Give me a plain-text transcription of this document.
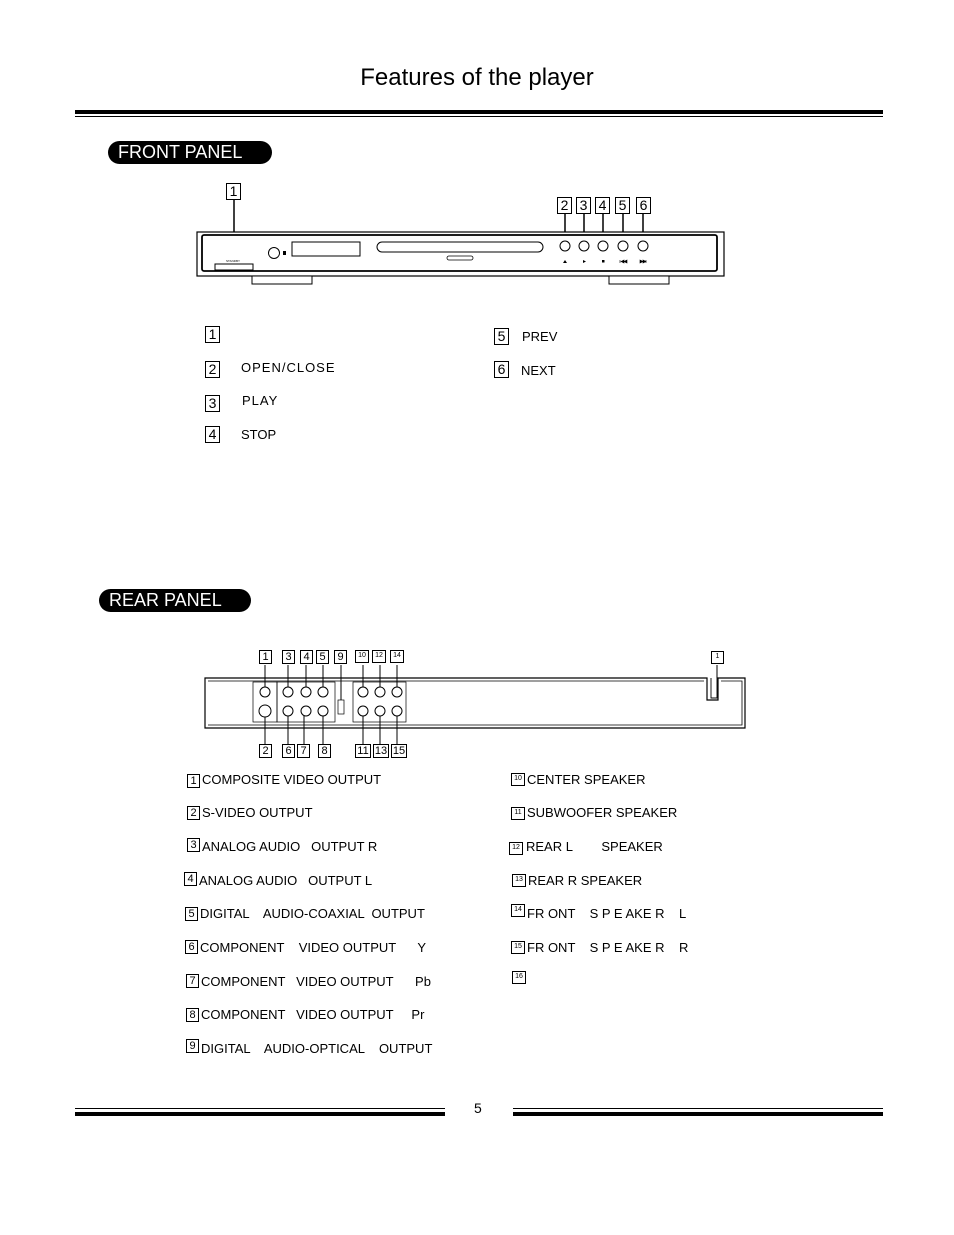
Features of the player
FRONT PANEL
STANDBY
1
2 3 4 5 6
1
2 OPEN/CLOSE
3 PLAY
4 STOP
5 PREV
6 NEXT
REAR PANEL
1	3	4 5	9	10	12	14	1
2	6 7	8	11 13 15
1 COMPOSITE VIDEO OUTPUT
2 S-VIDEO OUTPUT
3 ANALOG AUDIO   OUTPUT R
4 ANALOG AUDIO   OUTPUT L
5 DIGITAL    AUDIO-COAXIAL  OUTPUT
6 COMPONENT    VIDEO OUTPUT      Y
7 COMPONENT   VIDEO OUTPUT      Pb
8 COMPONENT   VIDEO OUTPUT     Pr
9 DIGITAL    AUDIO-OPTICAL    OUTPUT
10 CENTER SPEAKER
11 SUBWOOFER SPEAKER
12 REAR L        SPEAKER
13 REAR R SPEAKER
14 FR ONT    S P E AKE R    L
15 FR ONT    S P E AKE R    R
16
5
